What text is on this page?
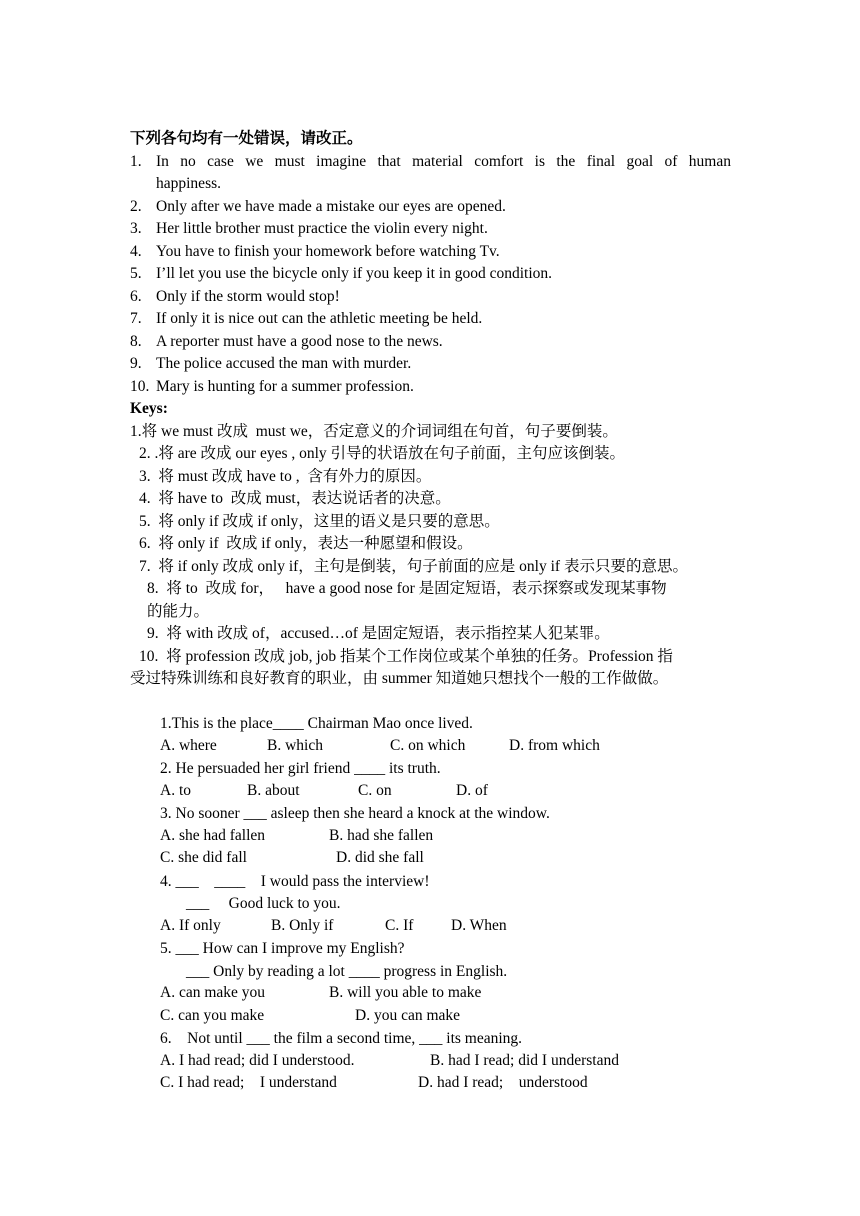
下列各句均有一处错误，请改正。
1. In no case we must imagine that material comfort is the final goal of human
happiness.
2. Only after we have made a mistake our eyes are opened.
3. Her little brother must practice the violin every night.
4. You have to finish your homework before watching Tv.
5. I’ll let you use the bicycle only if you keep it in good condition.
6. Only if the storm would stop!
7. If only it is nice out can the athletic meeting be held.
8. A reporter must have a good nose to the news.
9. The police accused the man with murder.
10. Mary is hunting for a summer profession.
Keys:
1.将 we must 改成  must we，否定意义的介词词组在句首，句子要倒装。
2. .将 are 改成 our eyes , only 引导的状语放在句子前面，主句应该倒装。
3.  将 must 改成 have to ,  含有外力的原因。
4.  将 have to  改成 must，表达说话者的决意。
5.  将 only if 改成 if only，这里的语义是只要的意思。
6.  将 only if  改成 if only，表达一种愿望和假设。
7.  将 if only 改成 only if，主句是倒装，句子前面的应是 only if 表示只要的意思。
8.  将 to  改成 for，   have a good nose for 是固定短语，表示探察或发现某事物
的能力。
9.  将 with 改成 of，accused…of 是固定短语，表示指控某人犯某罪。
10.  将 profession 改成 job, job 指某个工作岗位或某个单独的任务。Profession 指
受过特殊训练和良好教育的职业，由 summer 知道她只想找个一般的工作做做。
1.This is the place____ Chairman Mao once lived.
A. where	B. which	C. on which	D. from which
2. He persuaded her girl friend ____ its truth.
A. to	B. about	C. on	D. of
3. No sooner ___ asleep then she heard a knock at the window.
A. she had fallen	B. had she fallen
C. she did fall	D. did she fall
4. ___    ____    I would pass the interview!
___     Good luck to you.
A. If only	B. Only if	C. If D. When
5. ___ How can I improve my English?
___ Only by reading a lot ____ progress in English.
A. can make you	B. will you able to make
C. can you make	D. you can make
6.    Not until ___ the film a second time, ___ its meaning.
A. I had read; did I understood.	B. had I read; did I understand
C. I had read;    I understand	D. had I read;    understood
